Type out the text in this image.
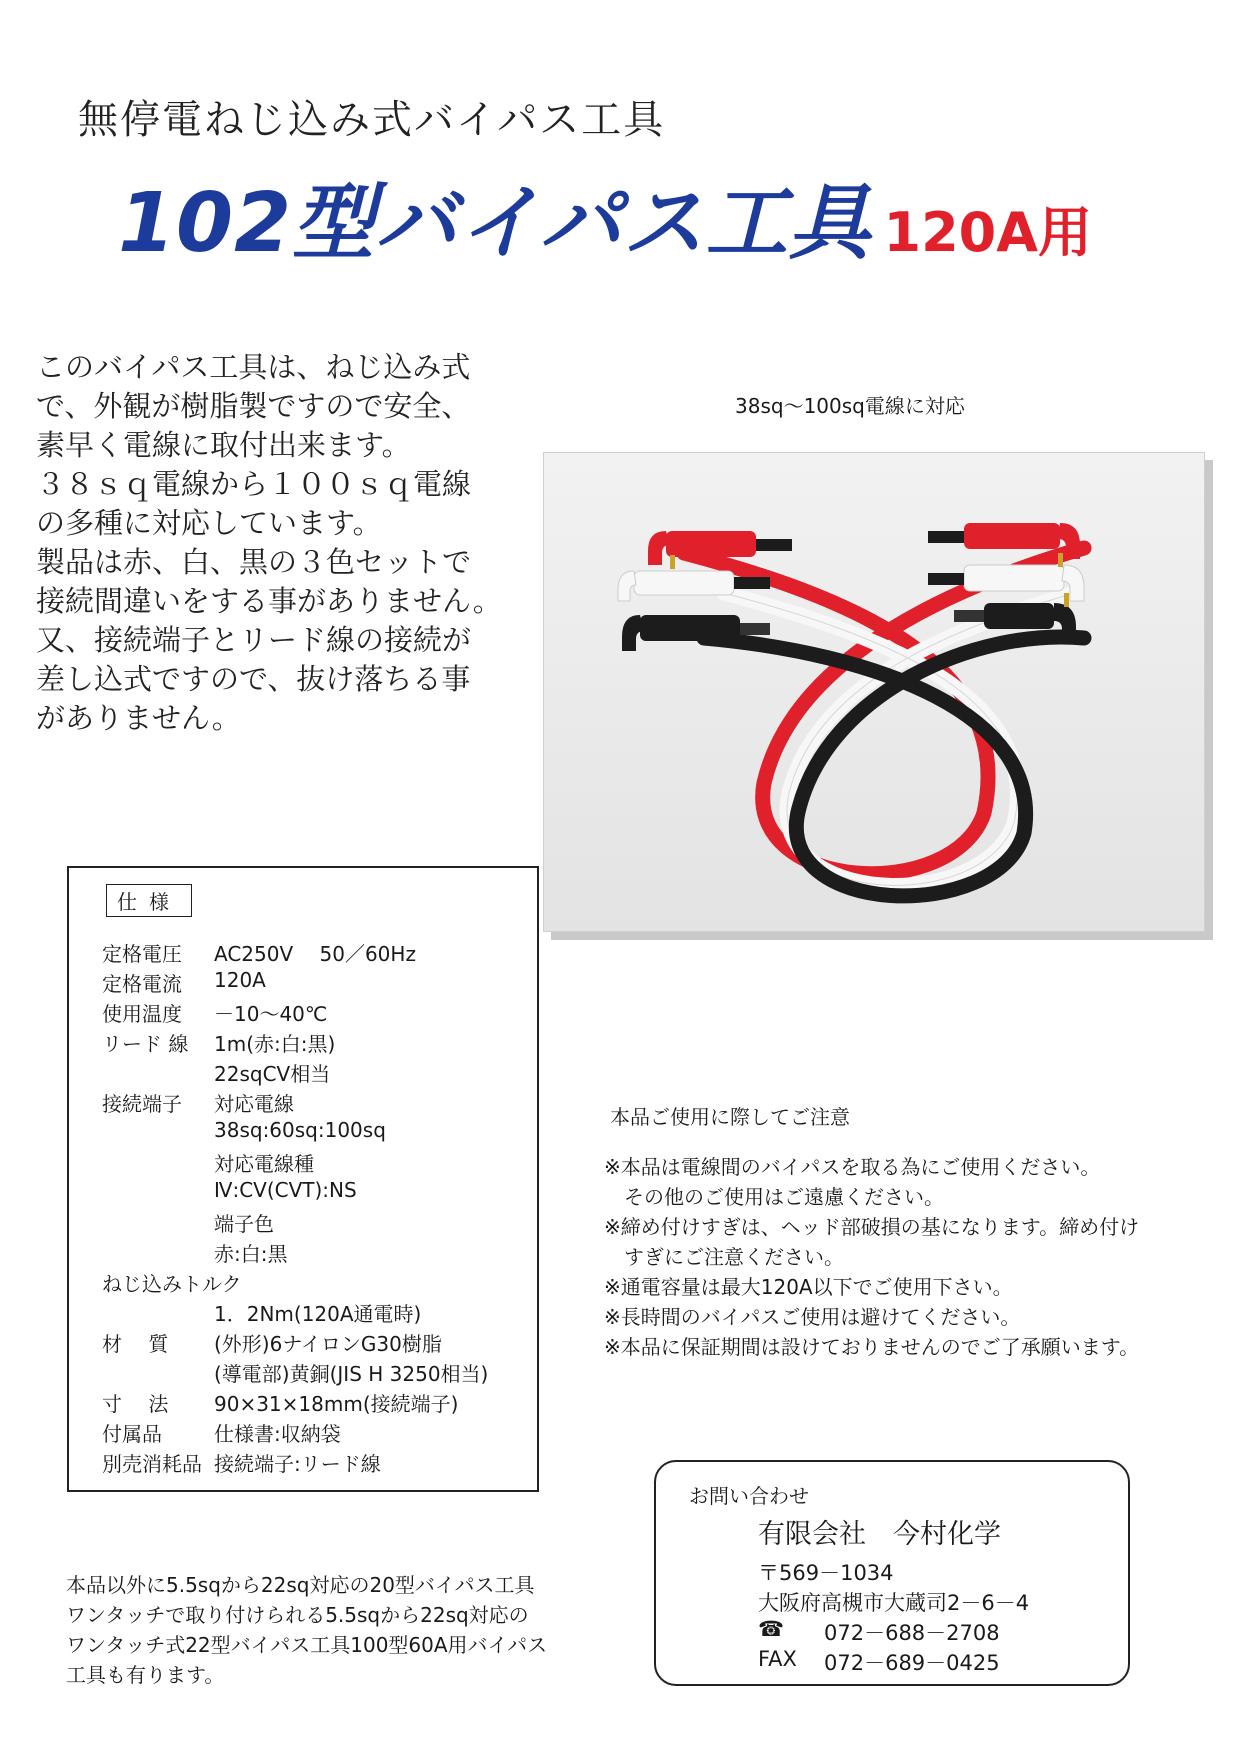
無停電ねじ込み式バイパス工具
102型バイパス工具 120A用
このバイパス工具は、ねじ込み式
で、外観が樹脂製ですので安全、
素早く電線に取付出来ます。
３８ｓｑ電線から１００ｓｑ電線
の多種に対応しています。
製品は赤、白、黒の３色セットで
接続間違いをする事がありません。
又、接続端子とリード線の接続が
差し込式ですので、抜け落ちる事
がありません。
38sq～100sq電線に対応
仕様
定格電圧 AC250V　 50／60Hz
定格電流 120A
使用温度 －10～40℃
リード 線 1m(赤:白:黒)
22sqCV相当
接続端子 対応電線
38sq:60sq:100sq
対応電線種
Ⅳ:CV(CVT):NS
端子色
赤:白:黒
ねじ込みトルク
1．2Nm(120A通電時)
材　 質 (外形)6ナイロンG30樹脂
(導電部)黄銅(JIS H 3250相当)
寸　 法 90×31×18mm(接続端子)
付属品	仕様書:収納袋
別売消耗品 接続端子:リード線
本品ご使用に際してご注意
※本品は電線間のバイパスを取る為にご使用ください。
　その他のご使用はご遠慮ください。
※締め付けすぎは、ヘッド部破損の基になります。締め付け
　すぎにご注意ください。
※通電容量は最大120A以下でご使用下さい。
※長時間のバイパスご使用は避けてください。
※本品に保証期間は設けておりませんのでご了承願います。
お問い合わせ
有限会社　今村化学
〒569－1034
大阪府高槻市大蔵司2－6－4
☎ 072－688－2708
FAX 072－689－0425
本品以外に5.5sqから22sq対応の20型バイパス工具
ワンタッチで取り付けられる5.5sqから22sq対応の
ワンタッチ式22型バイパス工具100型60A用バイパス
工具も有ります。
